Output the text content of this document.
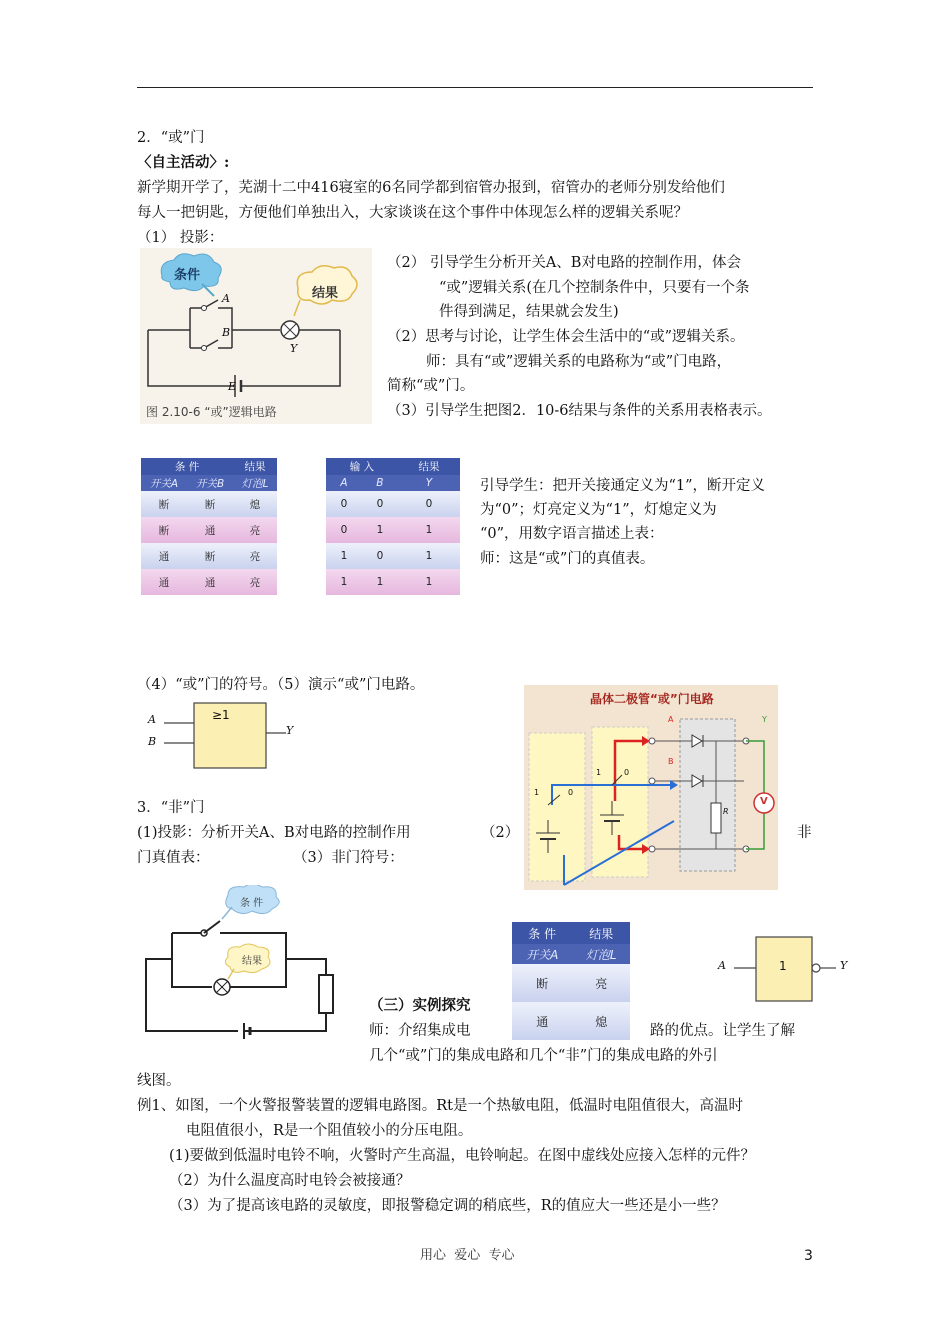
2．“或”门
〈自主活动〉:
新学期开学了，芜湖十二中416寝室的6名同学都到宿管办报到，宿管办的老师分别发给他们
每人一把钥匙，方便他们单独出入，大家谈谈在这个事件中体现怎么样的逻辑关系呢？
（1） 投影：
条件
结果
A
B
Y
E
图 2.10-6 “或”逻辑电路
（2） 引导学生分析开关A、B对电路的控制作用，体会
“或”逻辑关系(在几个控制条件中，只要有一个条
件得到满足，结果就会发生)
（2）思考与讨论，让学生体会生活中的“或”逻辑关系。
师：具有“或”逻辑关系的电路称为“或”门电路，
简称“或”门。
（3）引导学生把图2．10-6结果与条件的关系用表格表示。
条 件		结果
开关A	开关B	灯泡L
断	断	熄
断	通	亮
通	断	亮
通	通	亮
输 入		结果
A	B	Y
0	0	0
0	1	1
1	0	1
1	1	1
引导学生：把开关接通定义为“1”，断开定义
为“0”；灯亮定义为“1”，灯熄定义为
“0”，用数字语言描述上表：
师：这是“或”门的真值表。
（4）“或”门的符号。（5）演示“或”门电路。
A
B
≥1
Y
晶体二极管“或”门电路
A
B
Y
R
V
1	0
1	0
3．“非”门
(1)投影：分析开关A、B对电路的控制作用	（2）	非
门真值表：	（3）非门符号：
条 件
结果
条 件	结果
开关A	灯泡L
断	亮
通	熄
A	1	Y
（三）实例探究
师：介绍集成电	路的优点。让学生了解
几个“或”门的集成电路和几个“非”门的集成电路的外引
线图。
例1、如图，一个火警报警装置的逻辑电路图。Rt是一个热敏电阻，低温时电阻值很大，高温时
电阻值很小，R是一个阻值较小的分压电阻。
(1)要做到低温时电铃不响，火警时产生高温，电铃响起。在图中虚线处应接入怎样的元件？
（2）为什么温度高时电铃会被接通？
（3）为了提高该电路的灵敏度，即报警稳定调的稍底些，R的值应大一些还是小一些？
用心  爱心  专心	3
